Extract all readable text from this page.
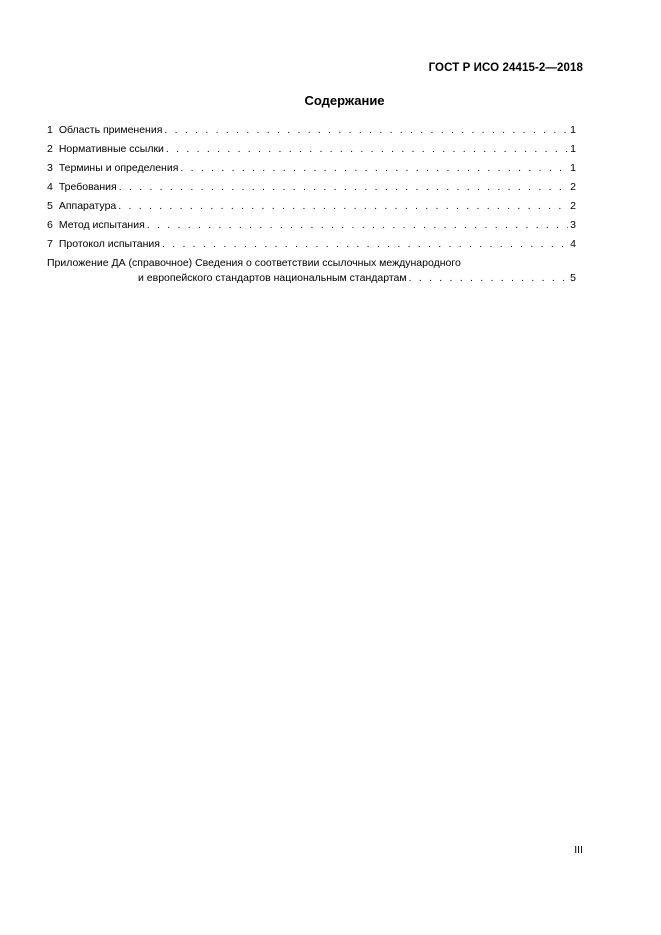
ГОСТ Р ИСО 24415-2—2018
Содержание
1 Область применения . . .	1
2 Нормативные ссылки . . .	1
3 Термины и определения . . .	1
4 Требования . . .	2
5 Аппаратура . . .	2
6 Метод испытания . . .	3
7 Протокол испытания . . .	4
Приложение ДА (справочное) Сведения о соответствии ссылочных международного
и европейского стандартов национальным стандартам . . .	5
III
